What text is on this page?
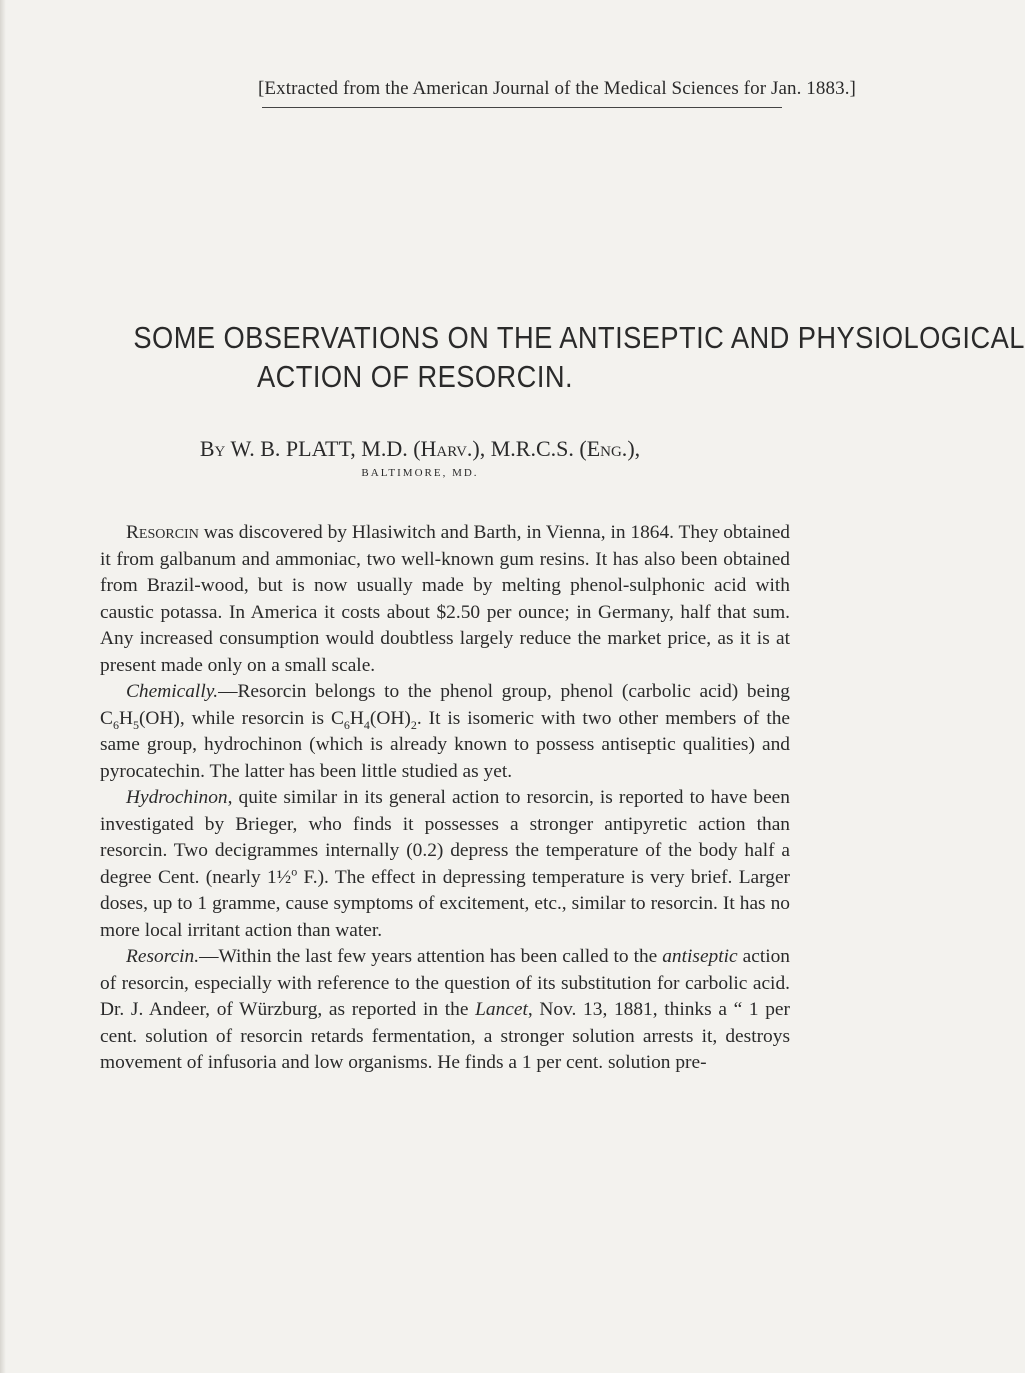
[Extracted from the American Journal of the Medical Sciences for Jan. 1883.]
SOME OBSERVATIONS ON THE ANTISEPTIC AND PHYSIOLOGICAL
ACTION OF RESORCIN.
By W. B. PLATT, M.D. (Harv.), M.R.C.S. (Eng.),
BALTIMORE, MD.

Resorcin was discovered by Hlasiwitch and Barth, in Vienna, in 1864. They obtained it from galbanum and ammoniac, two well-known gum resins. It has also been obtained from Brazil-wood, but is now usually made by melting phenol-sulphonic acid with caustic potassa. In America it costs about $2.50 per ounce; in Germany, half that sum. Any increased consumption would doubtless largely reduce the market price, as it is at present made only on a small scale.

Chemically.—Resorcin belongs to the phenol group, phenol (carbolic acid) being $C_6H_5(OH)$, while resorcin is $C_6H_4(OH)_2$. It is isomeric with two other members of the same group, hydrochinon (which is already known to possess antiseptic qualities) and pyrocatechin. The latter has been little studied as yet.

Hydrochinon, quite similar in its general action to resorcin, is reported to have been investigated by Brieger, who finds it possesses a stronger antipyretic action than resorcin. Two decigrammes internally (0.2) depress the temperature of the body half a degree Cent. (nearly 1½$^o$ F.). The effect in depressing temperature is very brief. Larger doses, up to 1 gramme, cause symptoms of excitement, etc., similar to resorcin. It has no more local irritant action than water.

Resorcin.—Within the last few years attention has been called to the antiseptic action of resorcin, especially with reference to the question of its substitution for carbolic acid. Dr. J. Andeer, of Würzburg, as reported in the Lancet, Nov. 13, 1881, thinks a “ 1 per cent. solution of resorcin retards fermentation, a stronger solution arrests it, destroys movement of infusoria and low organisms. He finds a 1 per cent. solution pre-
